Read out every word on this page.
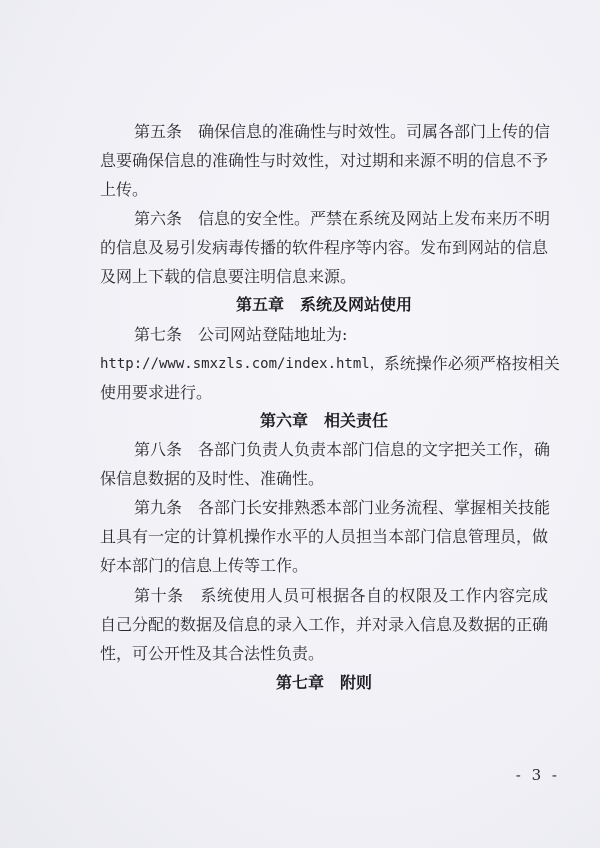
第五条　确保信息的准确性与时效性。司属各部门上传的信
息要确保信息的准确性与时效性，对过期和来源不明的信息不予
上传。
第六条　信息的安全性。严禁在系统及网站上发布来历不明
的信息及易引发病毒传播的软件程序等内容。发布到网站的信息
及网上下载的信息要注明信息来源。
第五章　系统及网站使用
第七条　公司网站登陆地址为:
http://www.smxzls.com/index.html， 系统操作必须严格按相关
使用要求进行。
第六章　相关责任
第八条　各部门负责人负责本部门信息的文字把关工作，确
保信息数据的及时性、准确性。
第九条　各部门长安排熟悉本部门业务流程、掌握相关技能
且具有一定的计算机操作水平的人员担当本部门信息管理员，做
好本部门的信息上传等工作。
第十条　系统使用人员可根据各自的权限及工作内容完成
自己分配的数据及信息的录入工作，并对录入信息及数据的正确
性，可公开性及其合法性负责。
第七章　附则
- 3 -
